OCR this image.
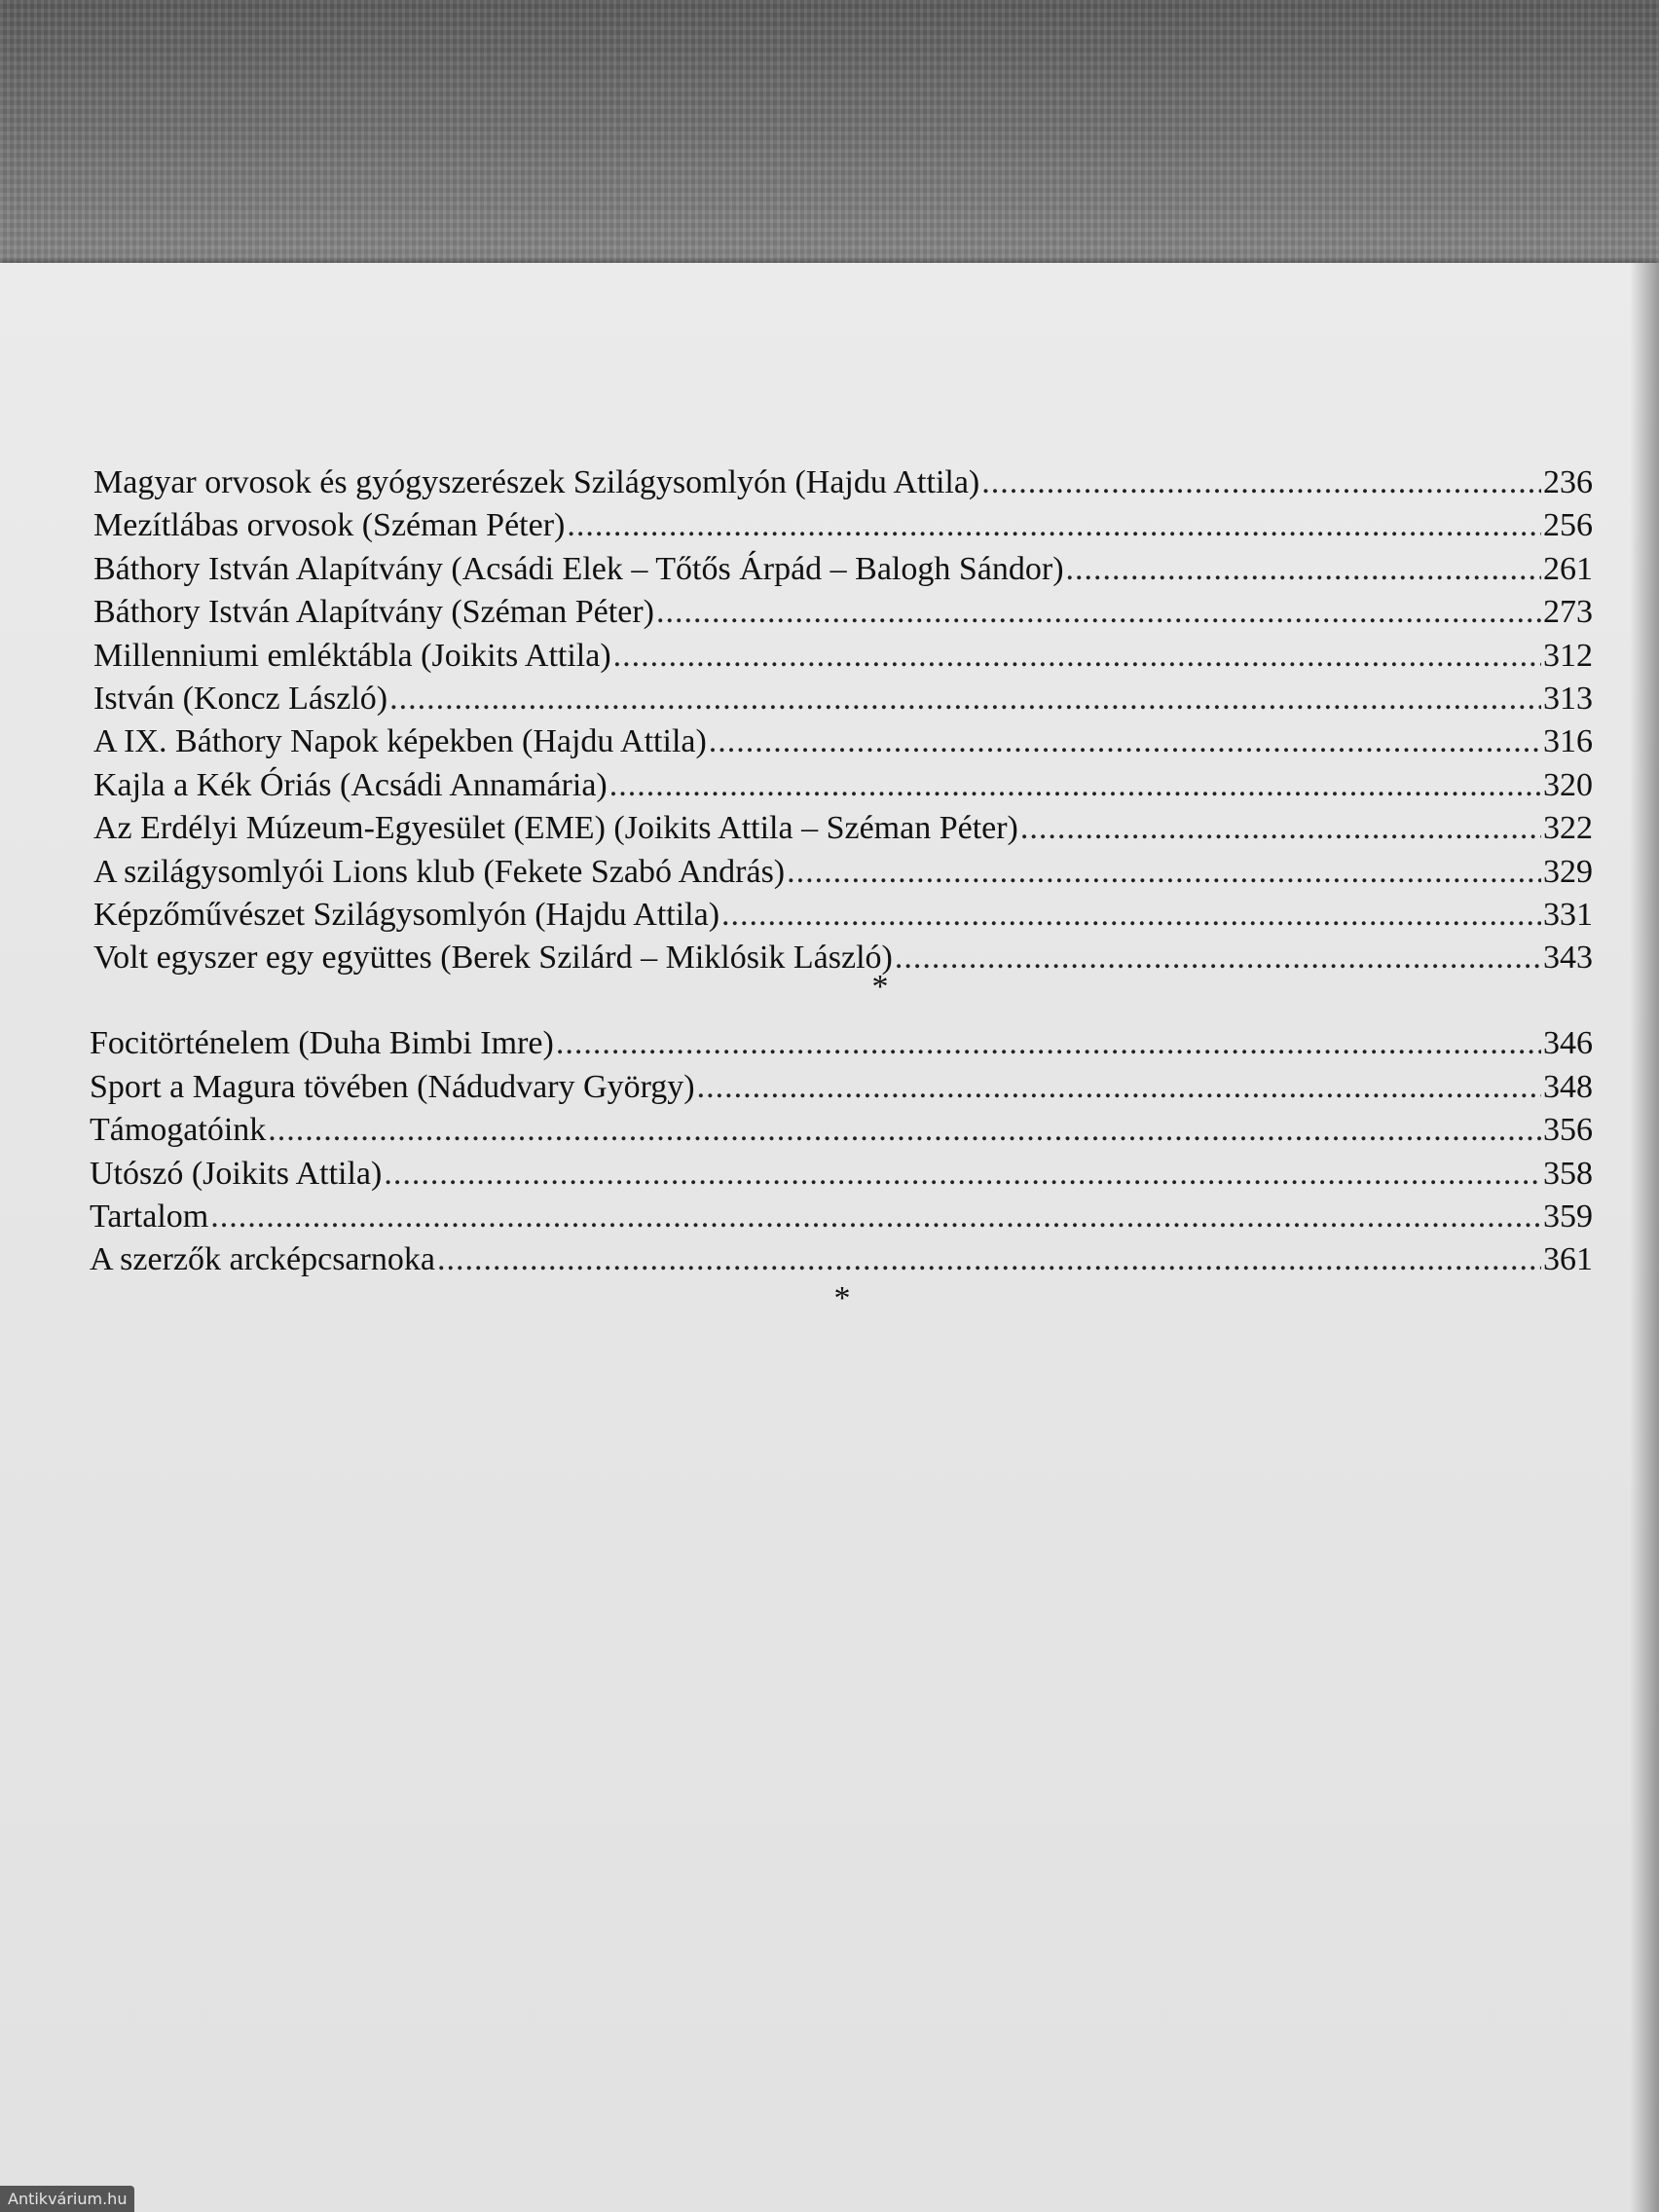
Magyar orvosok és gyógyszerészek Szilágysomlyón (Hajdu Attila) .....	236
Mezítlábas orvosok (Széman Péter) .....	256
Báthory István Alapítvány (Acsádi Elek – Tőtős Árpád – Balogh Sándor) .....	261
Báthory István Alapítvány (Széman Péter) .....	273
Millenniumi emléktábla (Joikits Attila) .....	312
István (Koncz László) .....	313
A IX. Báthory Napok képekben (Hajdu Attila) .....	316
Kajla a Kék Óriás (Acsádi Annamária) .....	320
Az Erdélyi Múzeum-Egyesület (EME) (Joikits Attila – Széman Péter) .....	322
A szilágysomlyói Lions klub (Fekete Szabó András) .....	329
Képzőművészet Szilágysomlyón (Hajdu Attila) .....	331
Volt egyszer egy együttes (Berek Szilárd – Miklósik László) .....	343
*
Focitörténelem (Duha Bimbi Imre) .....	346
Sport a Magura tövében (Nádudvary György) .....	348
Támogatóink .....	356
Utószó (Joikits Attila) .....	358
Tartalom .....	359
A szerzők arcképcsarnoka .....	361
*
Antikvárium.hu
